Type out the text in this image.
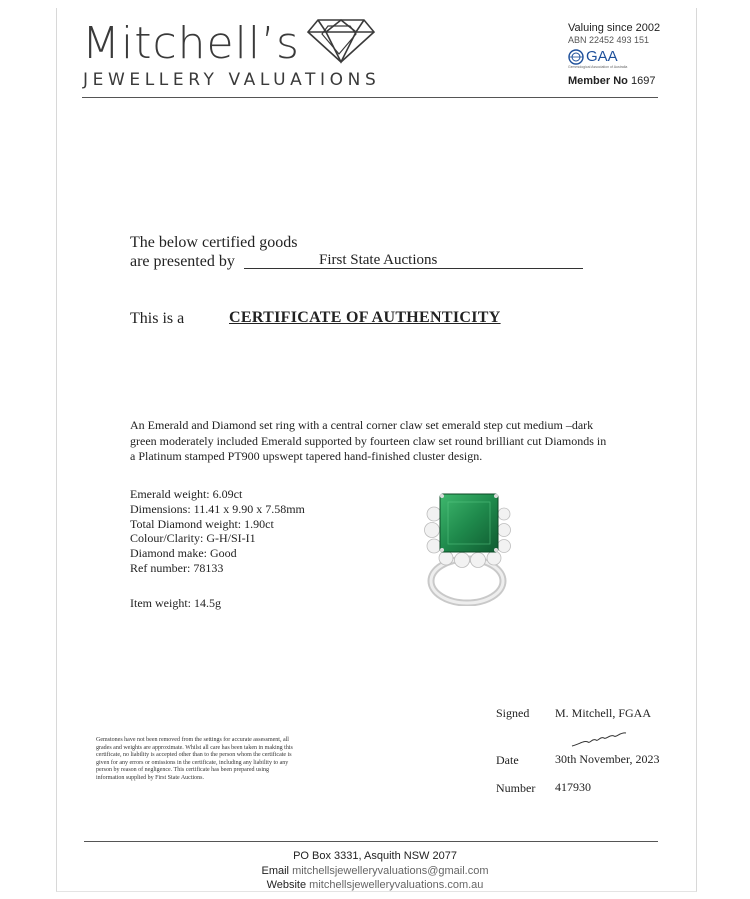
Mitchell’s
JEWELLERY VALUATIONS
Valuing since 2002
ABN 22452 493 151
GAA
Gemmological Association of Australia
Member No 1697
The below certified goods
are presented by	First State Auctions
This is a	CERTIFICATE OF AUTHENTICITY
An Emerald and Diamond set ring with a central corner claw set emerald step cut medium –dark green moderately included Emerald supported by fourteen claw set round brilliant cut Diamonds in a Platinum stamped PT900 upswept tapered hand-finished cluster design.
Emerald weight: 6.09ct
Dimensions: 11.41 x 9.90 x 7.58mm
Total Diamond weight: 1.90ct
Colour/Clarity: G-H/SI-I1
Diamond make: Good
Ref number: 78133
Item weight: 14.5g
Gemstones have not been removed from the settings for accurate assessment, all grades and weights are approximate. Whilst all care has been taken in making this certificate, no liability is accepted other than to the person whom the certificate is given for any errors or omissions in the certificate, including any liability to any person by reason of negligence. This certificate has been prepared using information supplied by First State Auctions.
Signed M. Mitchell, FGAA
Date	30th November, 2023
Number 417930
PO Box 3331, Asquith NSW 2077
Email mitchellsjewelleryvaluations@gmail.com
Website mitchellsjewelleryvaluations.com.au
